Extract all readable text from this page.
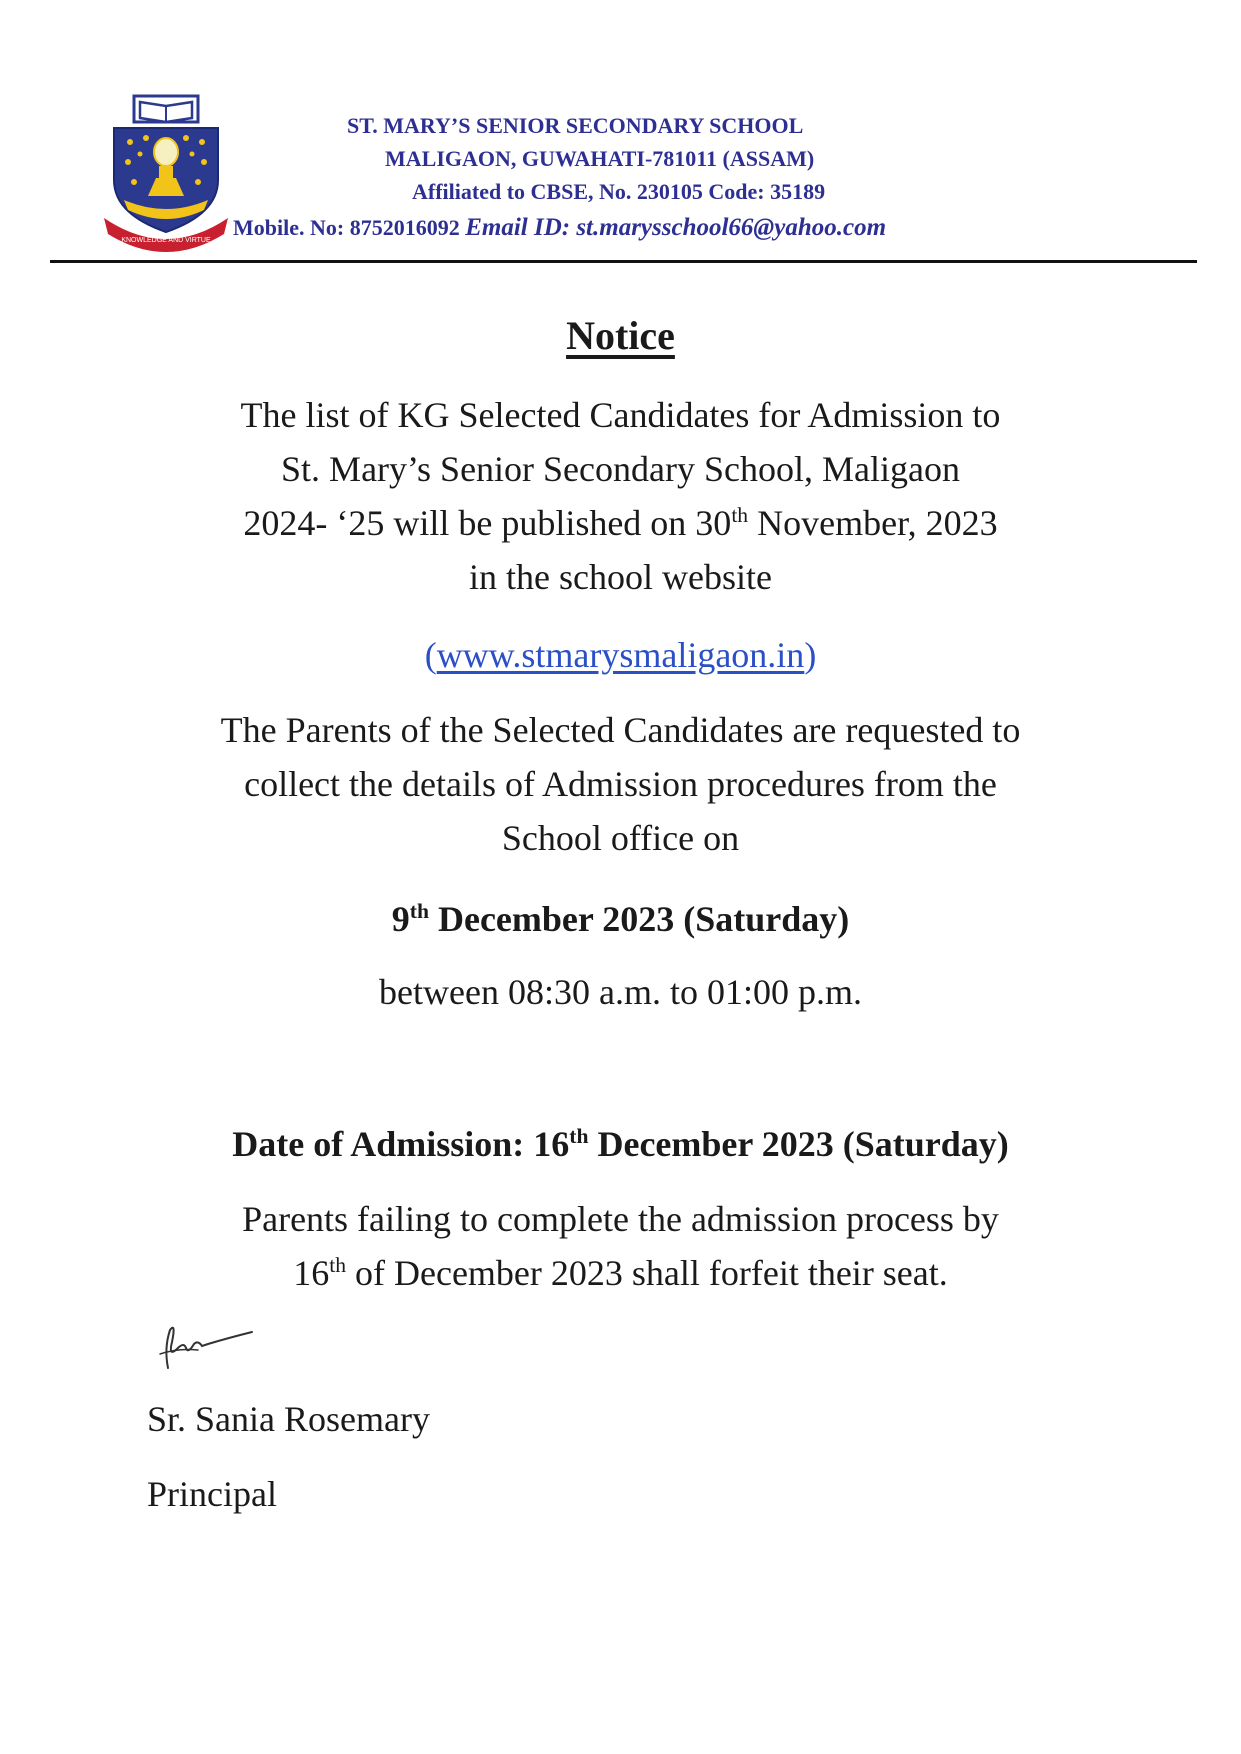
KNOWLEDGE AND VIRTUE
ST. MARY’S SENIOR SECONDARY SCHOOL
MALIGAON, GUWAHATI-781011 (ASSAM)
Affiliated to CBSE, No. 230105 Code: 35189
Mobile. No: 8752016092 Email ID: st.marysschool66@yahoo.com
Notice
The list of KG Selected Candidates for Admission to
St. Mary’s Senior Secondary School, Maligaon
2024- ‘25 will be published on 30th November, 2023
in the school website
(www.stmarysmaligaon.in)
The Parents of the Selected Candidates are requested to
collect the details of Admission procedures from the
School office on
9th December 2023 (Saturday)
between 08:30 a.m. to 01:00 p.m.
Date of Admission: 16th December 2023 (Saturday)
Parents failing to complete the admission process by
16th of December 2023 shall forfeit their seat.
Sr. Sania Rosemary
Principal
